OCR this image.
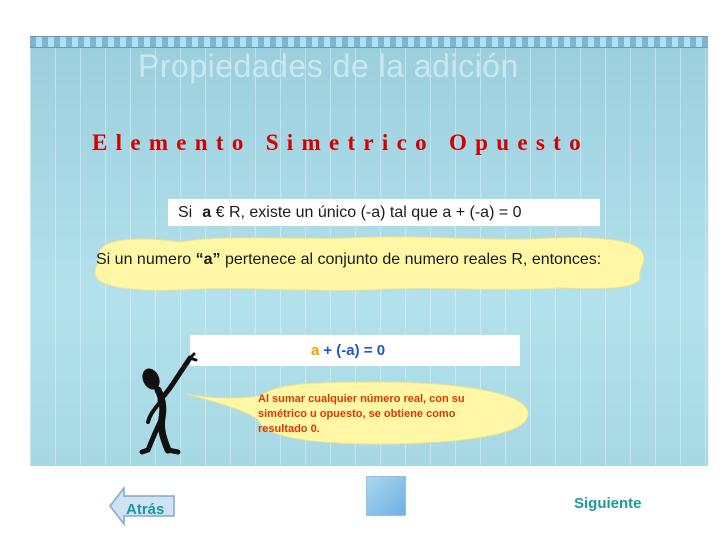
Propiedades de la adición
Elemento Simetrico Opuesto
Si a € R, existe un único (-a) tal que a + (-a) = 0
Si un numero “a” pertenece al conjunto de numero reales R, entonces:
a + (-a) = 0
Al sumar cualquier número real, con su simétrico u opuesto, se obtiene como resultado 0.
Atrás	Siguiente
